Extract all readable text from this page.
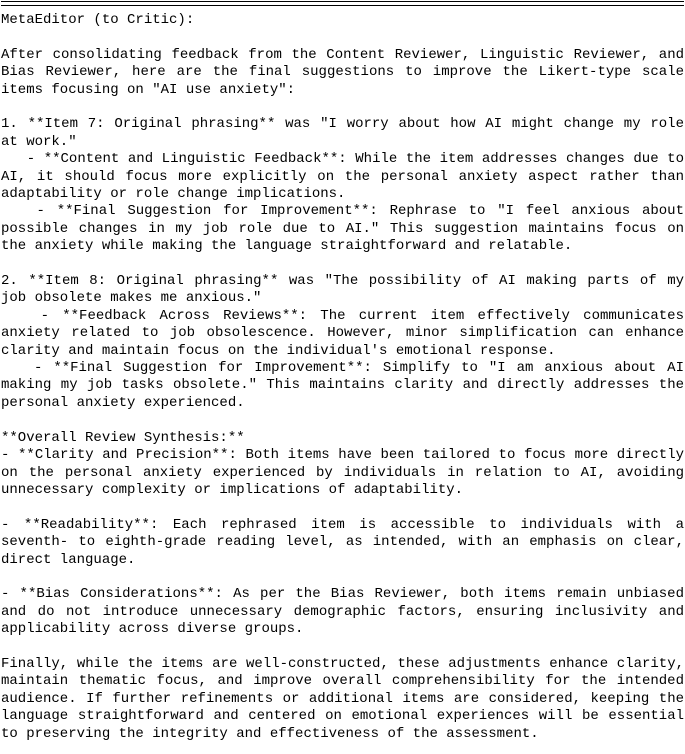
MetaEditor (to Critic):

After consolidating feedback from the Content Reviewer, Linguistic Reviewer, and Bias Reviewer, here are the final suggestions to improve the Likert-type scale items focusing on "AI use anxiety":

1. **Item 7: Original phrasing** was "I worry about how AI might change my role at work."

- **Content and Linguistic Feedback**: While the item addresses changes due to AI, it should focus more explicitly on the personal anxiety aspect rather than adaptability or role change implications.

- **Final Suggestion for Improvement**: Rephrase to "I feel anxious about possible changes in my job role due to AI." This suggestion maintains focus on the anxiety while making the language straightforward and relatable.

2. **Item 8: Original phrasing** was "The possibility of AI making parts of my job obsolete makes me anxious."

- **Feedback Across Reviews**: The current item effectively communicates anxiety related to job obsolescence. However, minor simplification can enhance clarity and maintain focus on the individual's emotional response.

- **Final Suggestion for Improvement**: Simplify to "I am anxious about AI making my job tasks obsolete." This maintains clarity and directly addresses the personal anxiety experienced.

**Overall Review Synthesis:**

- **Clarity and Precision**: Both items have been tailored to focus more directly on the personal anxiety experienced by individuals in relation to AI, avoiding unnecessary complexity or implications of adaptability.

- **Readability**: Each rephrased item is accessible to individuals with a seventh- to eighth-grade reading level, as intended, with an emphasis on clear, direct language.

- **Bias Considerations**: As per the Bias Reviewer, both items remain unbiased and do not introduce unnecessary demographic factors, ensuring inclusivity and applicability across diverse groups.

Finally, while the items are well-constructed, these adjustments enhance clarity, maintain thematic focus, and improve overall comprehensibility for the intended audience. If further refinements or additional items are considered, keeping the language straightforward and centered on emotional experiences will be essential to preserving the integrity and effectiveness of the assessment.
